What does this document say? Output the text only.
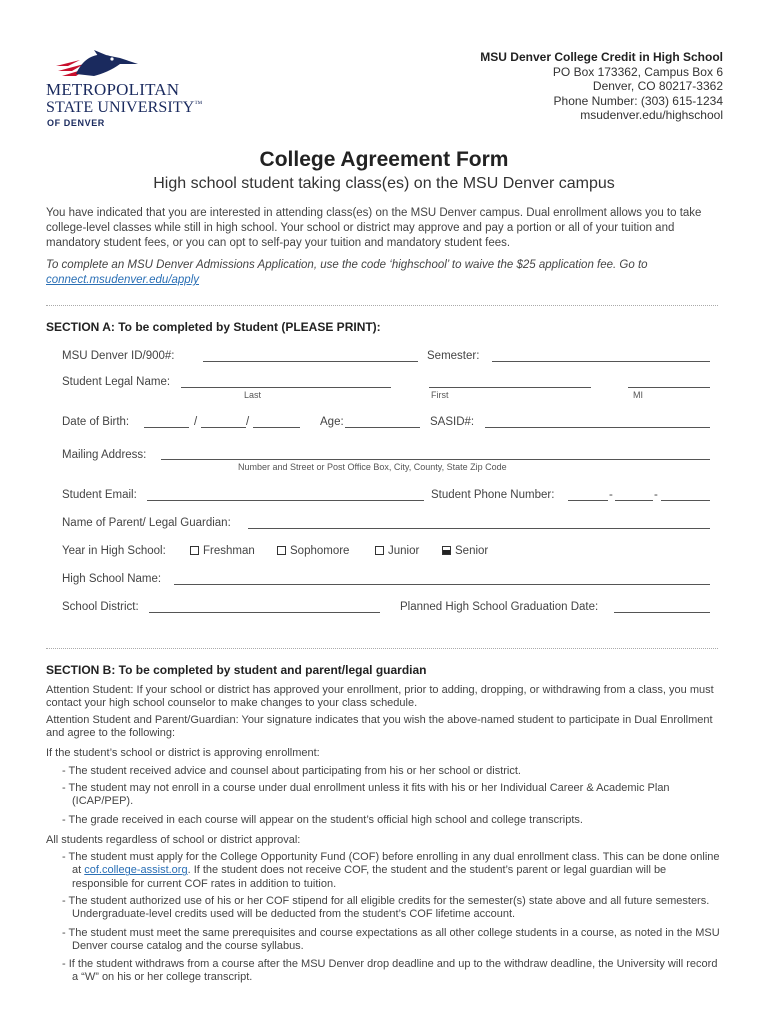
METROPOLITAN
STATE UNIVERSITY™
OF DENVER
MSU Denver College Credit in High School
PO Box 173362, Campus Box 6
Denver, CO 80217-3362
Phone Number: (303) 615-1234
msudenver.edu/highschool
College Agreement Form
High school student taking class(es) on the MSU Denver campus
You have indicated that you are interested in attending class(es) on the MSU Denver campus. Dual enrollment allows you to take college-level classes while still in high school. Your school or district may approve and pay a portion or all of your tuition and mandatory student fees, or you can opt to self-pay your tuition and mandatory student fees.
To complete an MSU Denver Admissions Application, use the code ‘highschool’ to waive the $25 application fee. Go to
connect.msudenver.edu/apply
SECTION A: To be completed by Student (PLEASE PRINT):
MSU Denver ID/900#:	Semester:
Student Legal Name:
Last	First	MI
Date of Birth:	/	/	Age:	SASID#:
Mailing Address:
Number and Street or Post Office Box, City, County, State Zip Code
Student Email:	Student Phone Number:	-	-
Name of Parent/ Legal Guardian:
Year in High School:	Freshman	Sophomore	Junior	Senior
High School Name:
School District:	Planned High School Graduation Date:
SECTION B: To be completed by student and parent/legal guardian
Attention Student: If your school or district has approved your enrollment, prior to adding, dropping, or withdrawing from a class, you must contact your high school counselor to make changes to your class schedule.
Attention Student and Parent/Guardian: Your signature indicates that you wish the above-named student to participate in Dual Enrollment and agree to the following:
If the student’s school or district is approving enrollment:
- The student received advice and counsel about participating from his or her school or district.
- The student may not enroll in a course under dual enrollment unless it fits with his or her Individual Career & Academic Plan (ICAP/PEP).
- The grade received in each course will appear on the student’s official high school and college transcripts.
All students regardless of school or district approval:
- The student must apply for the College Opportunity Fund (COF) before enrolling in any dual enrollment class. This can be done online at cof.college-assist.org. If the student does not receive COF, the student and the student’s parent or legal guardian will be responsible for current COF rates in addition to tuition.
- The student authorized use of his or her COF stipend for all eligible credits for the semester(s) state above and all future semesters. Undergraduate-level credits used will be deducted from the student’s COF lifetime account.
- The student must meet the same prerequisites and course expectations as all other college students in a course, as noted in the MSU Denver course catalog and the course syllabus.
- If the student withdraws from a course after the MSU Denver drop deadline and up to the withdraw deadline, the University will record a “W” on his or her college transcript.
